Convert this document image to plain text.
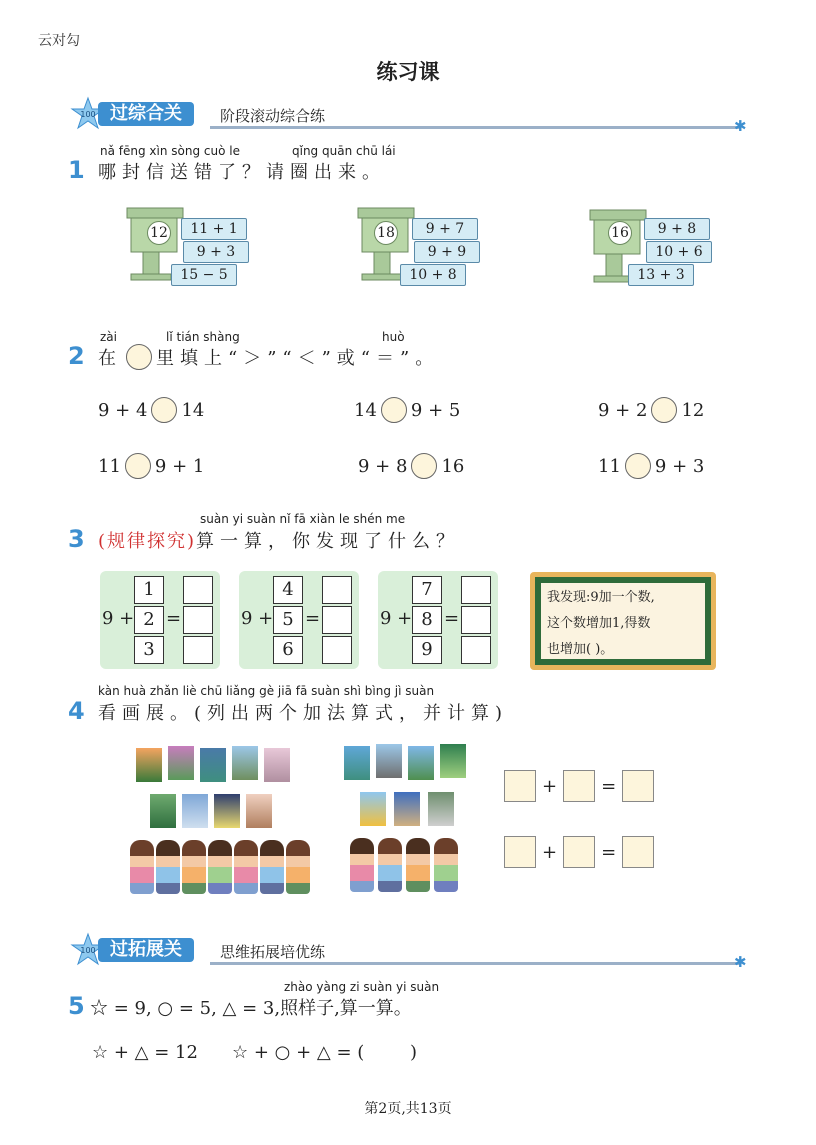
云对勾
练习课
100 过综合关	阶段滚动综合练
✱
1
nǎ fēng xìn sòng cuò le	qǐng quān chū lái
哪封信送错了？请圈出来。
12	11 + 1
9 + 3
15 − 5
18	9 + 7
9 + 9
10 + 8
16	9 + 8
10 + 6
13 + 3
2
zài	lǐ tián shàng	huò
在 里填上“＞”“＜”或“＝”。
9 + 4 14	14 9 + 5	9 + 2 12
11 9 + 1	9 + 8 16	11 9 + 3
3
suàn yi suàn nǐ fā xiàn le shén me
(规律探究) 算一算，你发现了什么？
9 +
1
2
3
=	9 +
4
5
6
=	9 +
7
8
9
=
我发现:9加一个数,
这个数增加1,得数
也增加( )。
4
kàn huà zhǎn liè chū liǎng gè jiā fā suàn shì bìng jì suàn
看画展。(列出两个加法算式，并计算)
+ =
+ =
100 过拓展关	思维拓展培优练
✱
5
zhào yàng zi suàn yi suàn
☆ = 9, ○ = 5, △ = 3,照样子,算一算。
☆ + △ = 12 ☆ + ○ + △ = (        )
第2页,共13页
